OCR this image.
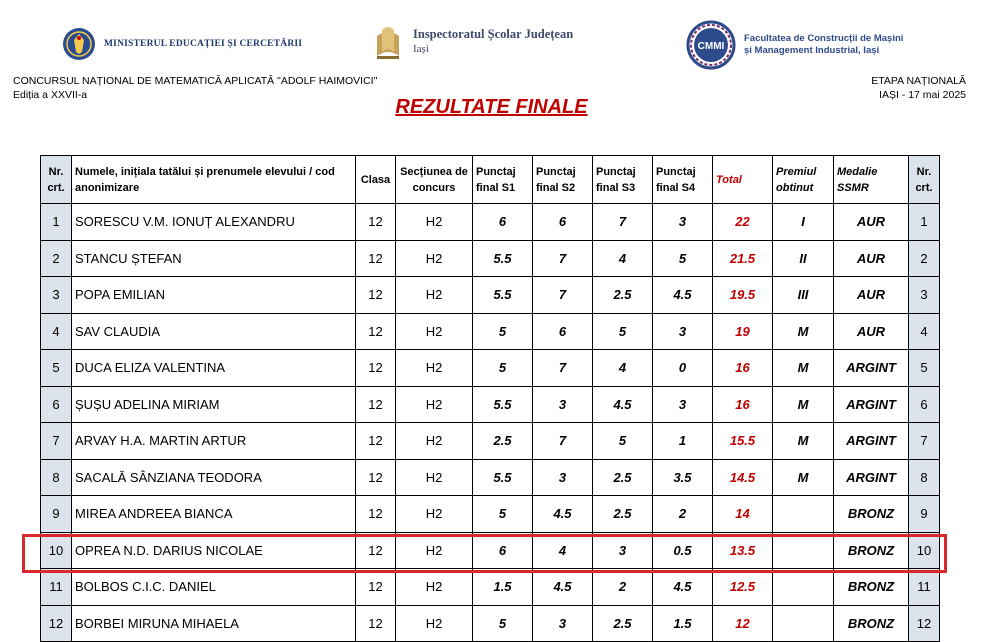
MINISTERUL EDUCAȚIEI ȘI CERCETĂRII
Inspectoratul Școlar Județean
Iași	CMMI
Facultatea de Construcții de Mașini
și Management Industrial, Iași
CONCURSUL NAȚIONAL DE MATEMATICĂ APLICATĂ "ADOLF HAIMOVICI"
Ediția a XXVII-a
ETAPA NAȚIONALĂ
IAȘI - 17 mai 2025
REZULTATE FINALE
Nr. crt.	Numele, inițiala tatălui și prenumele elevului / cod anonimizare	Clasa	Secțiunea de concurs	Punctaj final S1	Punctaj final S2	Punctaj final S3	Punctaj final S4	Total	Premiul obtinut	Medalie SSMR	Nr. crt.
1	SORESCU V.M. IONUȚ ALEXANDRU	12	H2	6	6	7	3	22	I	AUR	1
2	STANCU ȘTEFAN	12	H2	5.5	7	4	5	21.5	II	AUR	2
3	POPA EMILIAN	12	H2	5.5	7	2.5	4.5	19.5	III	AUR	3
4	SAV CLAUDIA	12	H2	5	6	5	3	19	M	AUR	4
5	DUCA ELIZA VALENTINA	12	H2	5	7	4	0	16	M	ARGINT	5
6	ȘUȘU ADELINA MIRIAM	12	H2	5.5	3	4.5	3	16	M	ARGINT	6
7	ARVAY H.A. MARTIN ARTUR	12	H2	2.5	7	5	1	15.5	M	ARGINT	7
8	SACALĂ SÂNZIANA TEODORA	12	H2	5.5	3	2.5	3.5	14.5	M	ARGINT	8
9	MIREA ANDREEA BIANCA	12	H2	5	4.5	2.5	2	14		BRONZ	9
10	OPREA N.D. DARIUS NICOLAE	12	H2	6	4	3	0.5	13.5		BRONZ	10
11	BOLBOS C.I.C. DANIEL	12	H2	1.5	4.5	2	4.5	12.5		BRONZ	11
12	BORBEI MIRUNA MIHAELA	12	H2	5	3	2.5	1.5	12		BRONZ	12
